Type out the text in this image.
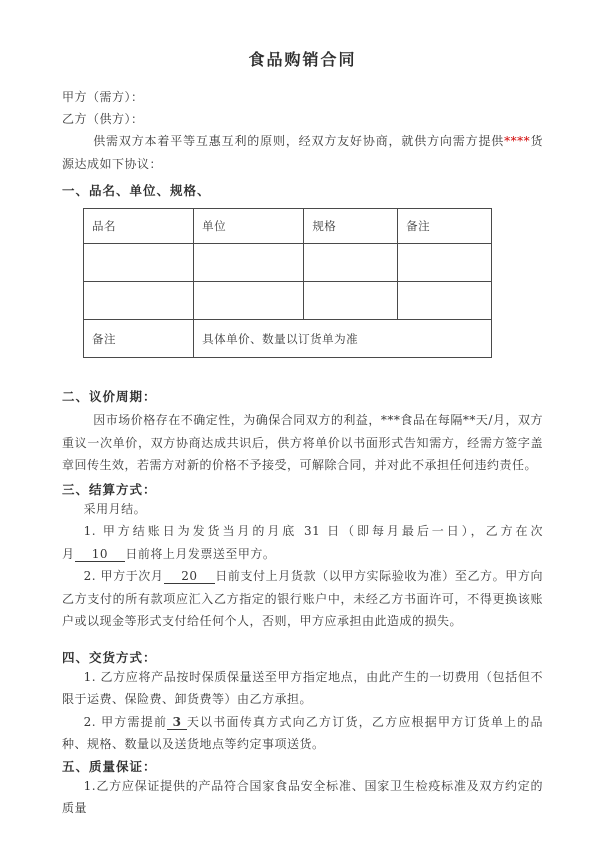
食品购销合同

甲方（需方）：

乙方（供方）：

供需双方本着平等互惠互利的原则，经双方友好协商，就供方向需方提供****货源达成如下协议：

一、品名、单位、规格、
品名	单位	规格	备注

备注	具体单价、数量以订货单为准		
二、议价周期：

因市场价格存在不确定性，为确保合同双方的利益，***食品在每隔**天/月，双方重议一次单价，双方协商达成共识后，供方将单价以书面形式告知需方，经需方签字盖章回传生效，若需方对新的价格不予接受，可解除合同，并对此不承担任何违约责任。

三、结算方式：

采用月结。

1. 甲方结账日为发货当月的月底 31 日（即每月最后一日），乙方在次月    10    日前将上月发票送至甲方。

2. 甲方于次月    20    日前支付上月货款（以甲方实际验收为准）至乙方。甲方向乙方支付的所有款项应汇入乙方指定的银行账户中，未经乙方书面许可，不得更换该账户或以现金等形式支付给任何个人，否则，甲方应承担由此造成的损失。

四、交货方式：

1. 乙方应将产品按时保质保量送至甲方指定地点，由此产生的一切费用（包括但不限于运费、保险费、卸货费等）由乙方承担。

2. 甲方需提前 3 天以书面传真方式向乙方订货，乙方应根据甲方订货单上的品种、规格、数量以及送货地点等约定事项送货。

五、质量保证：

1.乙方应保证提供的产品符合国家食品安全标准、国家卫生检疫标准及双方约定的质量
